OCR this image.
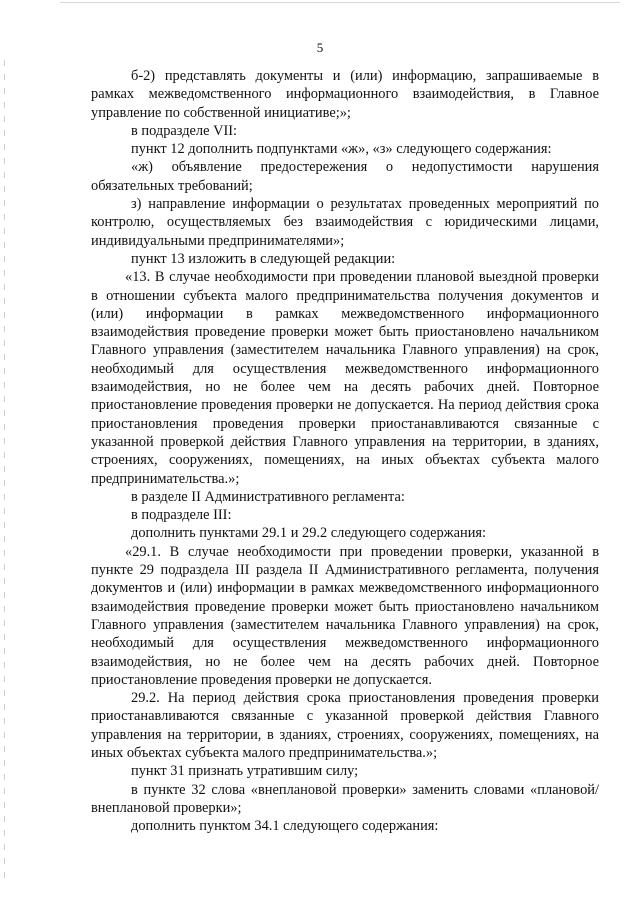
5

б-2) представлять документы и (или) информацию, запрашиваемые в рамках межведомственного информационного взаимодействия, в Главное управление по собственной инициативе;»;

в подразделе VII:

пункт 12 дополнить подпунктами «ж», «з» следующего содержания:

«ж) объявление предостережения о недопустимости нарушения обязательных требований;

з) направление информации о результатах проведенных мероприятий по контролю, осуществляемых без взаимодействия с юридическими лицами, индивидуальными предпринимателями»;

пункт 13 изложить в следующей редакции:

«13. В случае необходимости при проведении плановой выездной проверки в отношении субъекта малого предпринимательства получения документов и (или) информации в рамках межведомственного информационного взаимодействия проведение проверки может быть приостановлено начальником Главного управления (заместителем начальника Главного управления) на срок, необходимый для осуществления межведомственного информационного взаимодействия, но не более чем на десять рабочих дней. Повторное приостановление проведения проверки не допускается. На период действия срока приостановления проведения проверки приостанавливаются связанные с указанной проверкой действия Главного управления на территории, в зданиях, строениях, сооружениях, помещениях, на иных объектах субъекта малого предпринимательства.»;

в разделе II Административного регламента:

в подразделе III:

дополнить пунктами 29.1 и 29.2 следующего содержания:

«29.1. В случае необходимости при проведении проверки, указанной в пункте 29 подраздела III раздела II Административного регламента, получения документов и (или) информации в рамках межведомственного информационного взаимодействия проведение проверки может быть приостановлено начальником Главного управления (заместителем начальника Главного управления) на срок, необходимый для осуществления межведомственного информационного взаимодействия, но не более чем на десять рабочих дней. Повторное приостановление проведения проверки не допускается.

29.2. На период действия срока приостановления проведения проверки приостанавливаются связанные с указанной проверкой действия Главного управления на территории, в зданиях, строениях, сооружениях, помещениях, на иных объектах субъекта малого предпринимательства.»;

пункт 31 признать утратившим силу;

в пункте 32 слова «внеплановой проверки» заменить словами «плановой/внеплановой проверки»;

дополнить пунктом 34.1 следующего содержания:
